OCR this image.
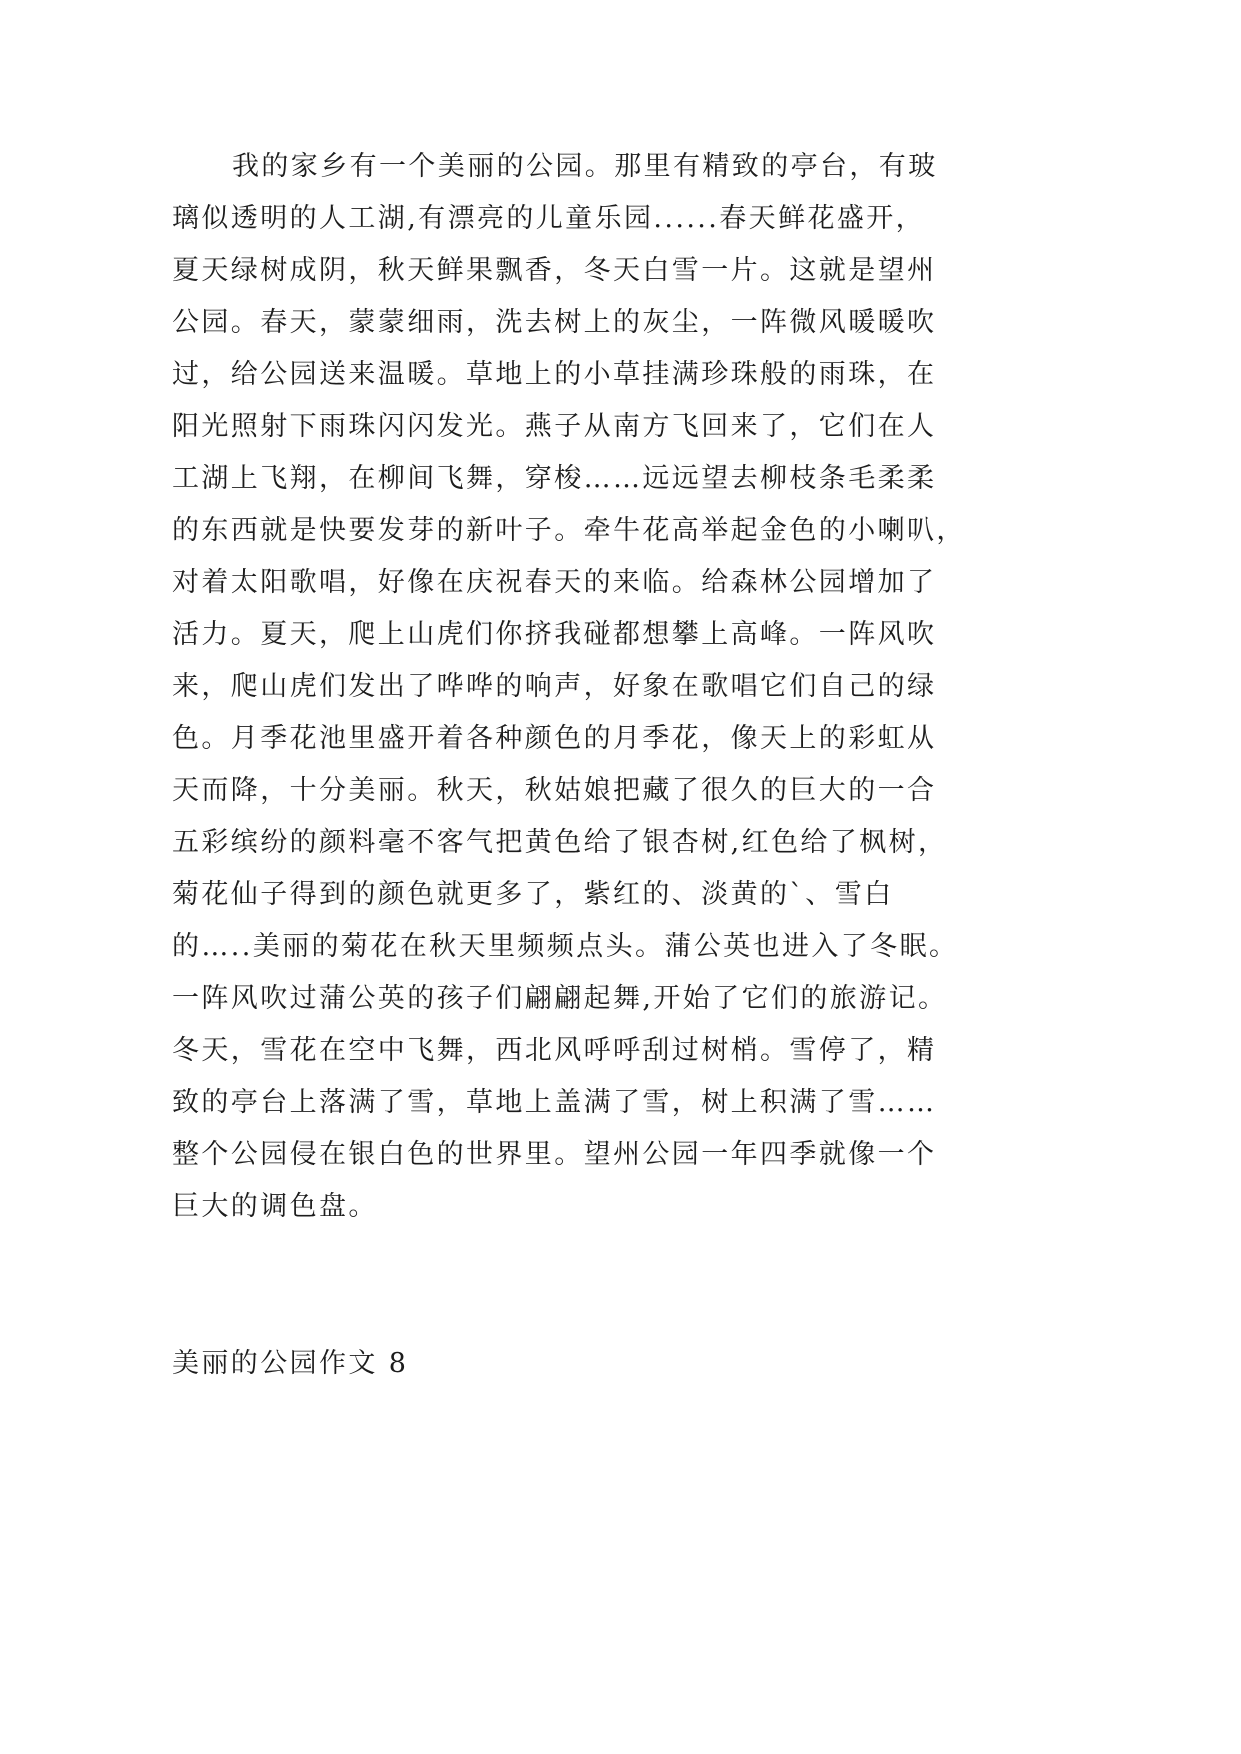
我的家乡有一个美丽的公园。那里有精致的亭台，有玻
璃似透明的人工湖,有漂亮的儿童乐园......春天鲜花盛开，
夏天绿树成阴，秋天鲜果飘香，冬天白雪一片。这就是望州
公园。春天，蒙蒙细雨，洗去树上的灰尘，一阵微风暖暖吹
过，给公园送来温暖。草地上的小草挂满珍珠般的雨珠，在
阳光照射下雨珠闪闪发光。燕子从南方飞回来了，它们在人
工湖上飞翔，在柳间飞舞，穿梭……远远望去柳枝条毛柔柔
的东西就是快要发芽的新叶子。牵牛花高举起金色的小喇叭，
对着太阳歌唱，好像在庆祝春天的来临。给森林公园增加了
活力。夏天，爬上山虎们你挤我碰都想攀上高峰。一阵风吹
来，爬山虎们发出了哗哗的响声，好象在歌唱它们自己的绿
色。月季花池里盛开着各种颜色的月季花，像天上的彩虹从
天而降，十分美丽。秋天，秋姑娘把藏了很久的巨大的一合
五彩缤纷的颜料毫不客气把黄色给了银杏树,红色给了枫树，
菊花仙子得到的颜色就更多了，紫红的、淡黄的`、雪白
的…..美丽的菊花在秋天里频频点头。蒲公英也进入了冬眠。
一阵风吹过蒲公英的孩子们翩翩起舞,开始了它们的旅游记。
冬天，雪花在空中飞舞，西北风呼呼刮过树梢。雪停了，精
致的亭台上落满了雪，草地上盖满了雪，树上积满了雪……
整个公园侵在银白色的世界里。望州公园一年四季就像一个
巨大的调色盘。
美丽的公园作文 8
